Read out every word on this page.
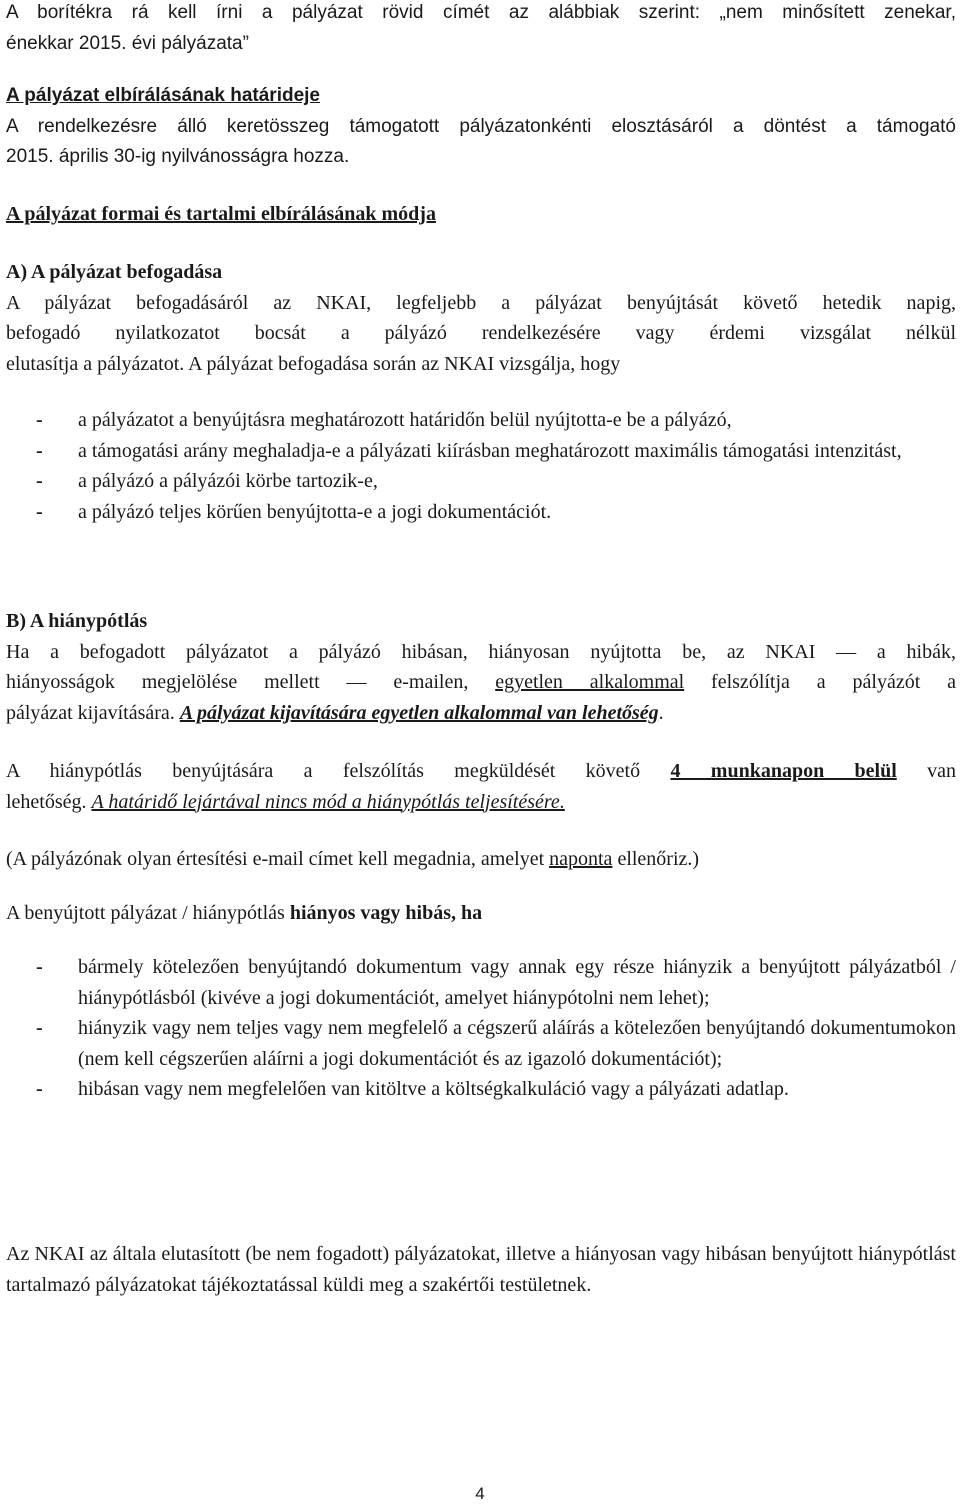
A borítékra rá kell írni a pályázat rövid címét az alábbiak szerint: „nem minősített zenekar,
énekkar 2015. évi pályázata”
A pályázat elbírálásának határideje
A rendelkezésre álló keretösszeg támogatott pályázatonkénti elosztásáról a döntést a támogató
2015. április 30-ig nyilvánosságra hozza.
A pályázat formai és tartalmi elbírálásának módja
A) A pályázat befogadása
A pályázat befogadásáról az NKAI, legfeljebb a pályázat benyújtását követő hetedik napig,
befogadó nyilatkozatot bocsát a pályázó rendelkezésére vagy érdemi vizsgálat nélkül
elutasítja a pályázatot. A pályázat befogadása során az NKAI vizsgálja, hogy
- a pályázatot a benyújtásra meghatározott határidőn belül nyújtotta-e be a pályázó,
- a támogatási arány meghaladja-e a pályázati kiírásban meghatározott maximális támogatási intenzitást,
- a pályázó a pályázói körbe tartozik-e,
- a pályázó teljes körűen benyújtotta-e a jogi dokumentációt.
B) A hiánypótlás
Ha a befogadott pályázatot a pályázó hibásan, hiányosan nyújtotta be, az NKAI ― a hibák,
hiányosságok megjelölése mellett ― e-mailen, egyetlen alkalommal felszólítja a pályázót a
pályázat kijavítására. A pályázat kijavítására egyetlen alkalommal van lehetőség.
A hiánypótlás benyújtására a felszólítás megküldését követő 4 munkanapon belül van
lehetőség. A határidő lejártával nincs mód a hiánypótlás teljesítésére.
(A pályázónak olyan értesítési e-mail címet kell megadnia, amelyet naponta ellenőriz.)
A benyújtott pályázat / hiánypótlás hiányos vagy hibás, ha
- bármely kötelezően benyújtandó dokumentum vagy annak egy része hiányzik a benyújtott pályázatból / hiánypótlásból (kivéve a jogi dokumentációt, amelyet hiánypótolni nem lehet);
- hiányzik vagy nem teljes vagy nem megfelelő a cégszerű aláírás a kötelezően benyújtandó dokumentumokon (nem kell cégszerűen aláírni a jogi dokumentációt és az igazoló dokumentációt);
- hibásan vagy nem megfelelően van kitöltve a költségkalkuláció vagy a pályázati adatlap.
Az NKAI az általa elutasított (be nem fogadott) pályázatokat, illetve a hiányosan vagy hibásan benyújtott hiánypótlást tartalmazó pályázatokat tájékoztatással küldi meg a szakértői testületnek.
4
